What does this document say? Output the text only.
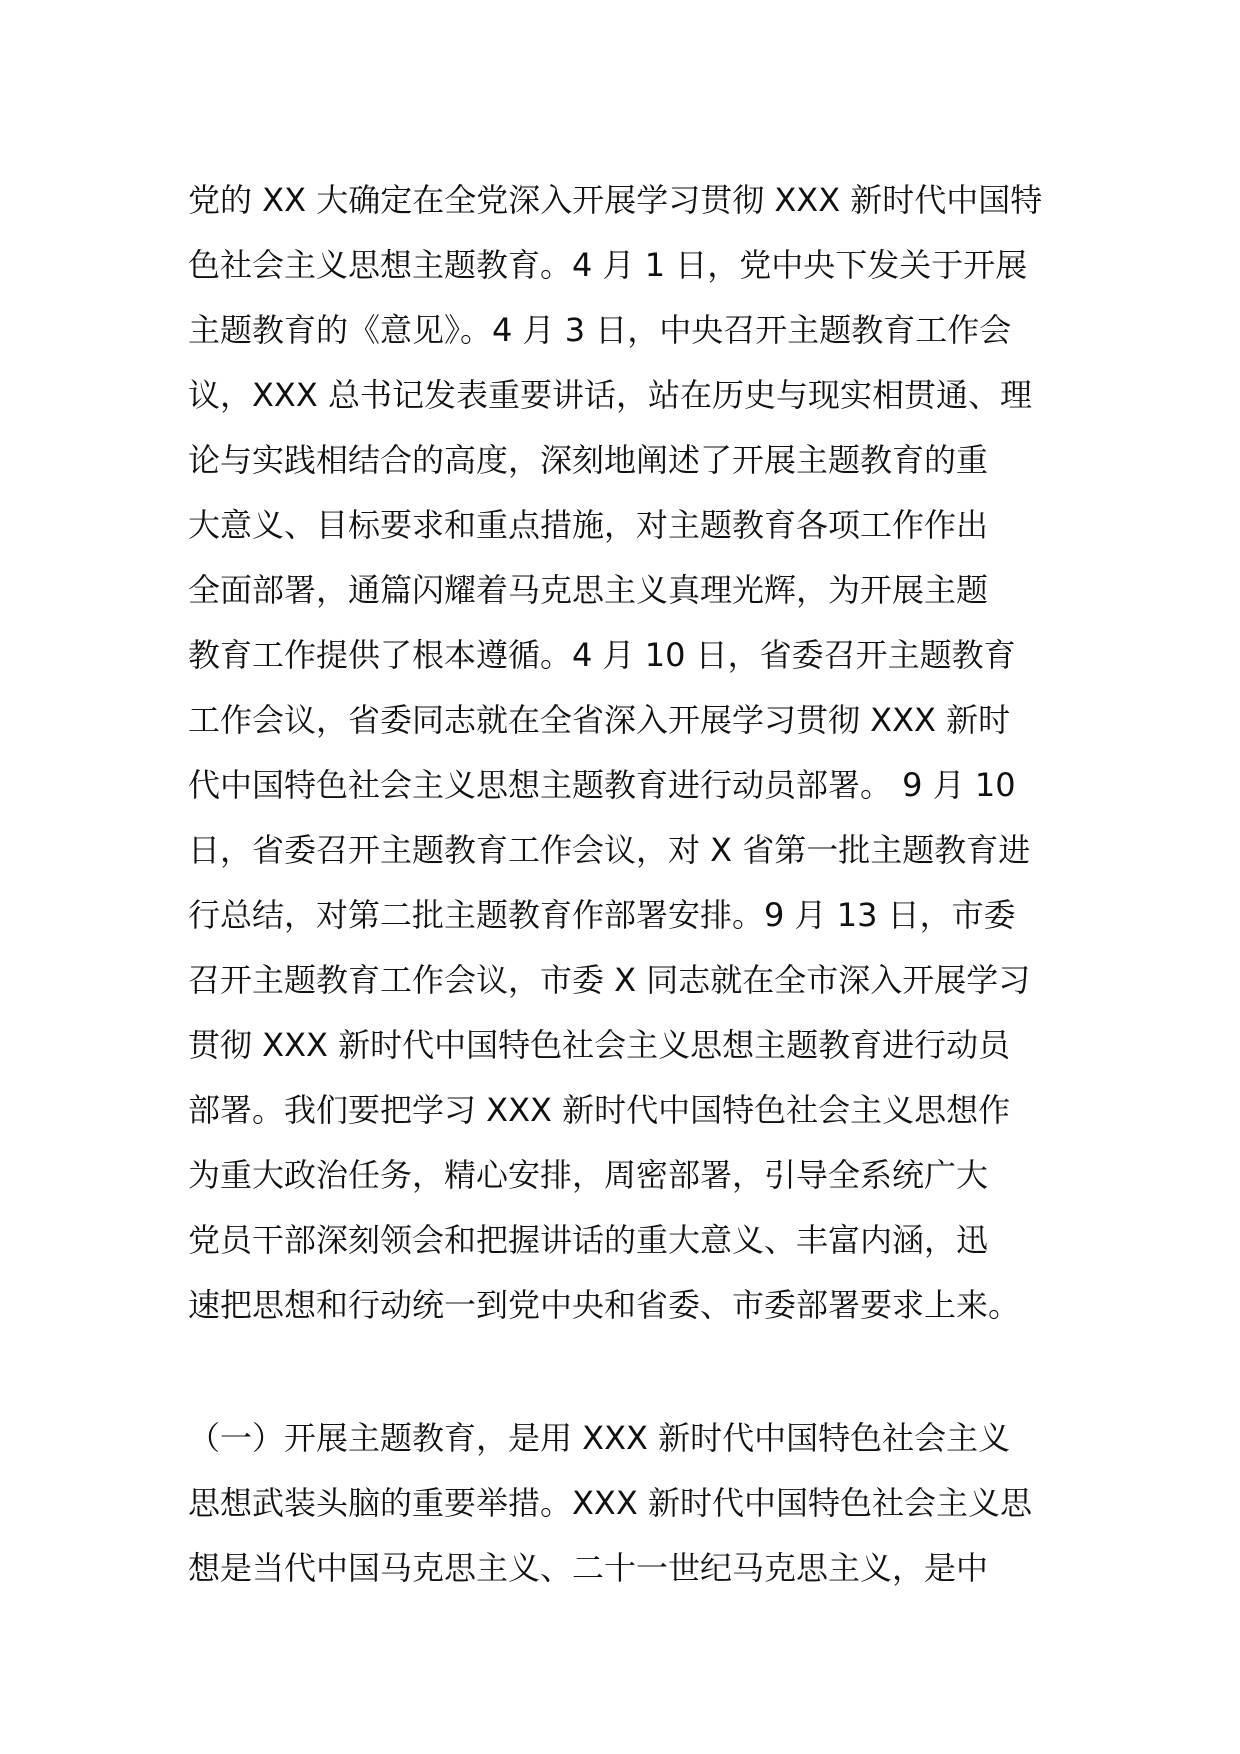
党的 XX 大确定在全党深入开展学习贯彻 XXX 新时代中国特
色社会主义思想主题教育。4 月 1 日，党中央下发关于开展
主题教育的《意见》。4 月 3 日，中央召开主题教育工作会
议，XXX 总书记发表重要讲话，站在历史与现实相贯通、理
论与实践相结合的高度，深刻地阐述了开展主题教育的重
大意义、目标要求和重点措施，对主题教育各项工作作出
全面部署，通篇闪耀着马克思主义真理光辉，为开展主题
教育工作提供了根本遵循。4 月 10 日，省委召开主题教育
工作会议，省委同志就在全省深入开展学习贯彻 XXX 新时
代中国特色社会主义思想主题教育进行动员部署。 9 月 10
日，省委召开主题教育工作会议，对 X 省第一批主题教育进
行总结，对第二批主题教育作部署安排。9 月 13 日，市委
召开主题教育工作会议，市委 X 同志就在全市深入开展学习
贯彻 XXX 新时代中国特色社会主义思想主题教育进行动员
部署。我们要把学习 XXX 新时代中国特色社会主义思想作
为重大政治任务，精心安排，周密部署，引导全系统广大
党员干部深刻领会和把握讲话的重大意义、丰富内涵，迅
速把思想和行动统一到党中央和省委、市委部署要求上来。
（一）开展主题教育，是用 XXX 新时代中国特色社会主义
思想武装头脑的重要举措。XXX 新时代中国特色社会主义思
想是当代中国马克思主义、二十一世纪马克思主义，是中
